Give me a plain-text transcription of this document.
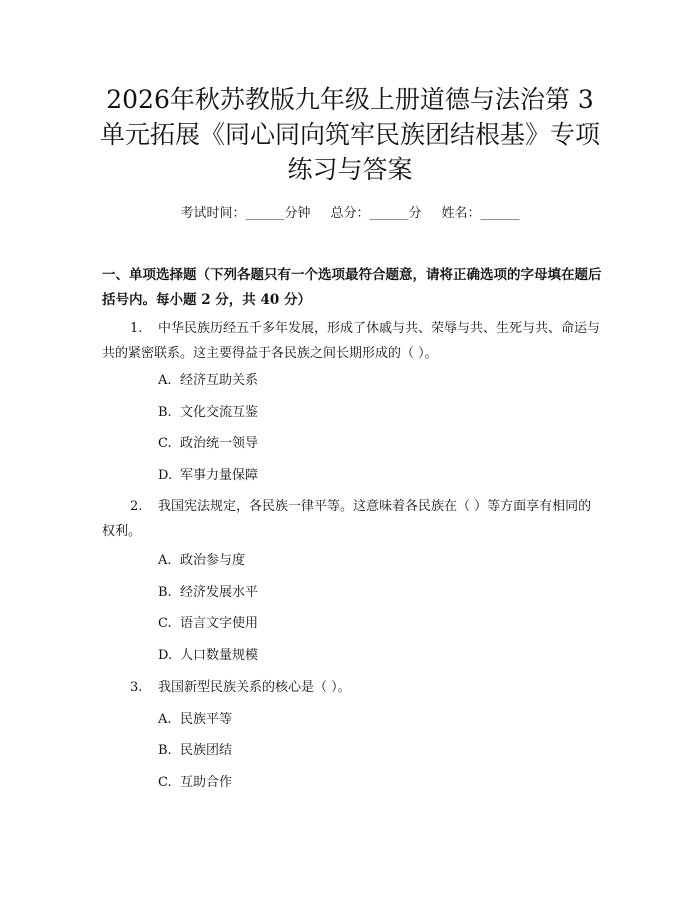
2026年秋苏教版九年级上册道德与法治第 3 单元拓展《同心同向筑牢民族团结根基》专项练习与答案
考试时间：______分钟 总分：______分 姓名：______

一、单项选择题（下列各题只有一个选项最符合题意，请将正确选项的字母填在题后括号内。每小题 2 分，共 40 分）

1. 中华民族历经五千多年发展，形成了休戚与共、荣辱与共、生死与共、命运与共的紧密联系。这主要得益于各民族之间长期形成的（ ）。

A. 经济互助关系

B. 文化交流互鉴

C. 政治统一领导

D. 军事力量保障

2. 我国宪法规定，各民族一律平等。这意味着各民族在（ ）等方面享有相同的权利。

A. 政治参与度

B. 经济发展水平

C. 语言文字使用

D. 人口数量规模

3. 我国新型民族关系的核心是（ ）。

A. 民族平等

B. 民族团结

C. 互助合作
